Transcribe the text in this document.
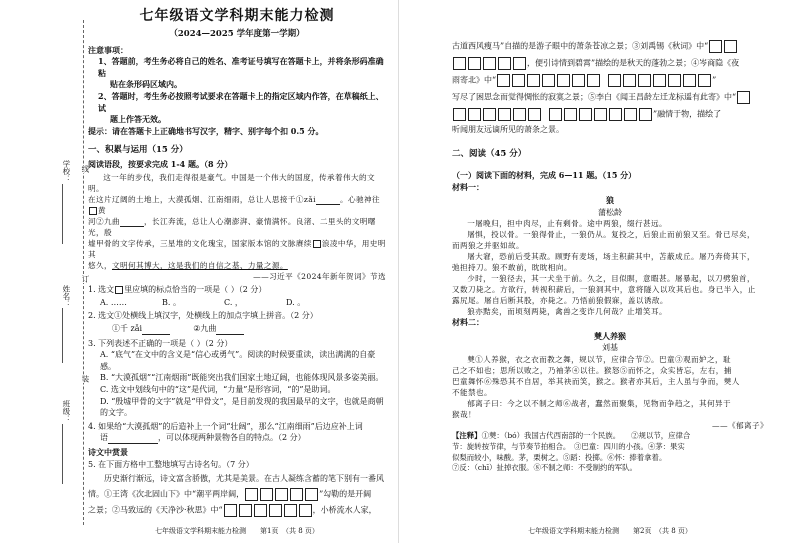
学校：
姓名：
班级：
线
订
装
七年级语文学科期末能力检测
（2024—2025 学年度第一学期）
注意事项：
1、答题前，考生务必将自己的姓名、准考证号填写在答题卡上，并将条形码准确粘
贴在条形码区域内。
2、答题时，考生务必按照考试要求在答题卡上的指定区域内作答，在草稿纸上、试
题上作答无效。
提示：请在答题卡上正确地书写汉字，精字、别字每个扣 0.5 分。
一、积累与运用（15 分）
阅读语段，按要求完成 1-4 题。（8 分）
这一年的步伐，我们走得很是豪气。中国是一个伟大的国度，传承着伟大的文明。
在这片辽阔的土地上，大漠孤烟、江南细雨，总让人思接千①zǎi	。心驰神往黄
河②九曲	，长江奔流，总让人心潮澎湃、豪情满怀。良渚、二里头的文明曙光，殷
墟甲骨的文字传承，三星堆的文化瑰宝，国家版本馆的文脉赓续 浪凌中华，用史明其
悠久，文明何其博大，这是我们的自信之基、力量之源。
——习近平《2024年新年贺词》节选
1. 选文 里应填的标点恰当的一项是（ ）（2 分）
A. ……	B. 。	C. ，	D. 。
2. 选文①处横线上填汉字，处横线上的加点字填上拼音。（2 分）
①千 zǎi	②九曲
3. 下列表述不正确的一项是（ ）（2 分）
A. “底气”在文中的含义是“信心或勇气”。阅读的时候要重读，读出满满的自豪感。
B. “大漠孤烟”“江南烟雨”既能突出我们国家土地辽阔，也能体现风景多姿美丽。
C. 选文中划线句中的“这”是代词，“力量”是形容词，“的”是助词。
D. “殷墟甲骨的文字”就是“甲骨文”，是目前发现的我国最早的文字，也就是商朝
的文字。
4. 如果给“大漠孤烟”的后造补上一个词“壮阔”，那么“江南细雨”后边应补上词
语	，可以体现两种景物各自的特点。（2 分）
诗文中赏景
5. 在下面方格中工整地填写古诗名句。（7 分）
历史渐行渐远，诗文富含骄傲，尤其是美景。在古人凝练含蓄的笔下别有一番风
情。①王湾《次北固山下》中“潮平两岸阔，	”勾勒的是开阔
之景；②马致远的《天净沙·秋思》中“	，小桥流水人家，
七年级语文学科期末能力检测　　第1页　（共 8 页）
古道西风瘦马”自描的是游子眼中的萧条苍凉之景；③刘禹锡《秋词》中“
，便引诗情到碧霄”描绘的是秋天的蓬勃之景；④岑商隐《夜
雨寄北》中“	”
写尽了困思念而觉得惆怅的寂寞之景；⑤李白《闻王昌龄左迁龙标遥有此寄》中“
”融情于物，描绘了
听闻朋友远谪所见的萧条之景。
二、阅读（45 分）
（一）阅读下面的材料，完成 6—11 题。（15 分）
材料一：
狼
蒲松龄
一屠晚归，担中肉尽，止有剩骨。途中两狼，缀行甚远。
屠惧，投以骨。一狼得骨止，一狼仍从。复投之，后狼止而前狼又至。骨已尽矣，
而两狼之并驱如故。
屠大窘，恐前后受其敌。顾野有麦场，场主积薪其中，苫蔽成丘。屠乃奔倚其下，
弛担持刀。狼不敢前，眈眈相向。
少时，一狼径去，其一犬坐于前。久之，目似瞑，意暇甚。屠暴起，以刀劈狼首，
又数刀毙之。方欲行，转视积薪后，一狼洞其中，意将隧入以攻其后也。身已半入，止
露尻尾。屠自后断其股，亦毙之。乃悟前狼假寐，盖以诱敌。
狼亦黠矣，而顷刻两毙，禽兽之变诈几何哉？止增笑耳。
材料二：
僰人养猴
刘基
僰①人养猴，衣之衣而教之舞，规以节，应律合节②。巴童③观而妒之，耻
己之不如也；思所以败之，乃袖茅④以往。猴怒⑤而怀之，众实皆忘，左右，捕
巴童舞怀⑥殊恐其不自居，举其袂而笑，猴之。猴者亦其后，主人虽与争而，僰人
不能禁也。
郁离子曰：今之以不制之师⑥战者，蠢然而聚集，见物而争趋之，其何异于
猴哉！
——《郁离子》
【注释】①僰：（bó）我国古代西南部的一个民族。　　②规以节，应律合
节：旋转按节律，与节奏节拍相合。　③巴童：四川的小孩。④茅：果实
似梨而较小，味酸。茅，栗树之。⑤蹈：投掷。⑥怀：捧着拿着。
⑦反：（chī）扯掉衣服。⑧不制之师：不受制约的军队。
七年级语文学科期末能力检测　　第2页　（共 8 页）
